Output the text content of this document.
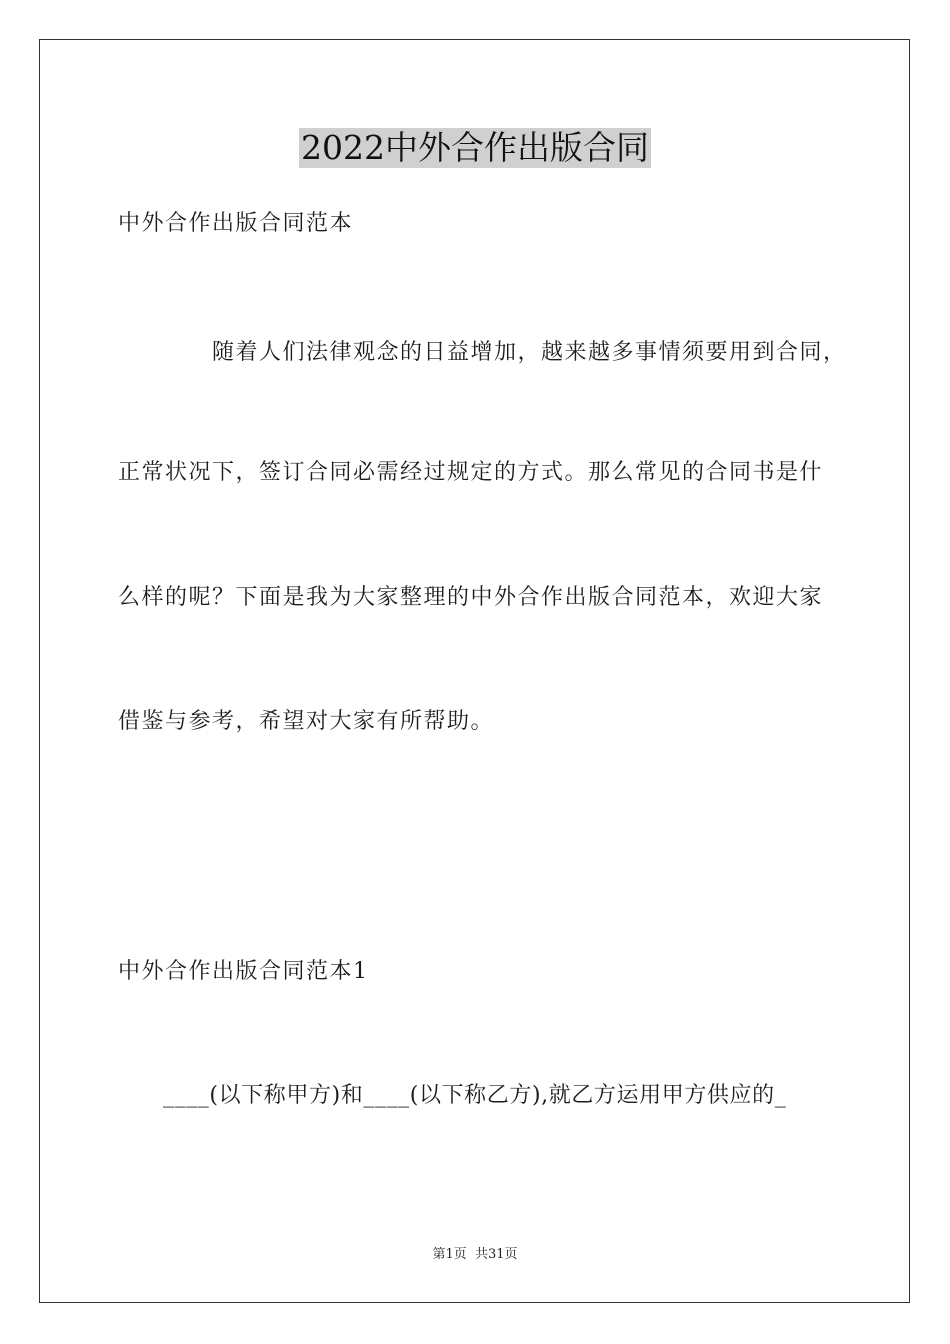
2022中外合作出版合同
中外合作出版合同范本
随着人们法律观念的日益增加，越来越多事情须要用到合同，
正常状况下，签订合同必需经过规定的方式。那么常见的合同书是什
么样的呢？下面是我为大家整理的中外合作出版合同范本，欢迎大家
借鉴与参考，希望对大家有所帮助。
中外合作出版合同范本1
____(以下称甲方)和____(以下称乙方),就乙方运用甲方供应的_
第1页  共31页
